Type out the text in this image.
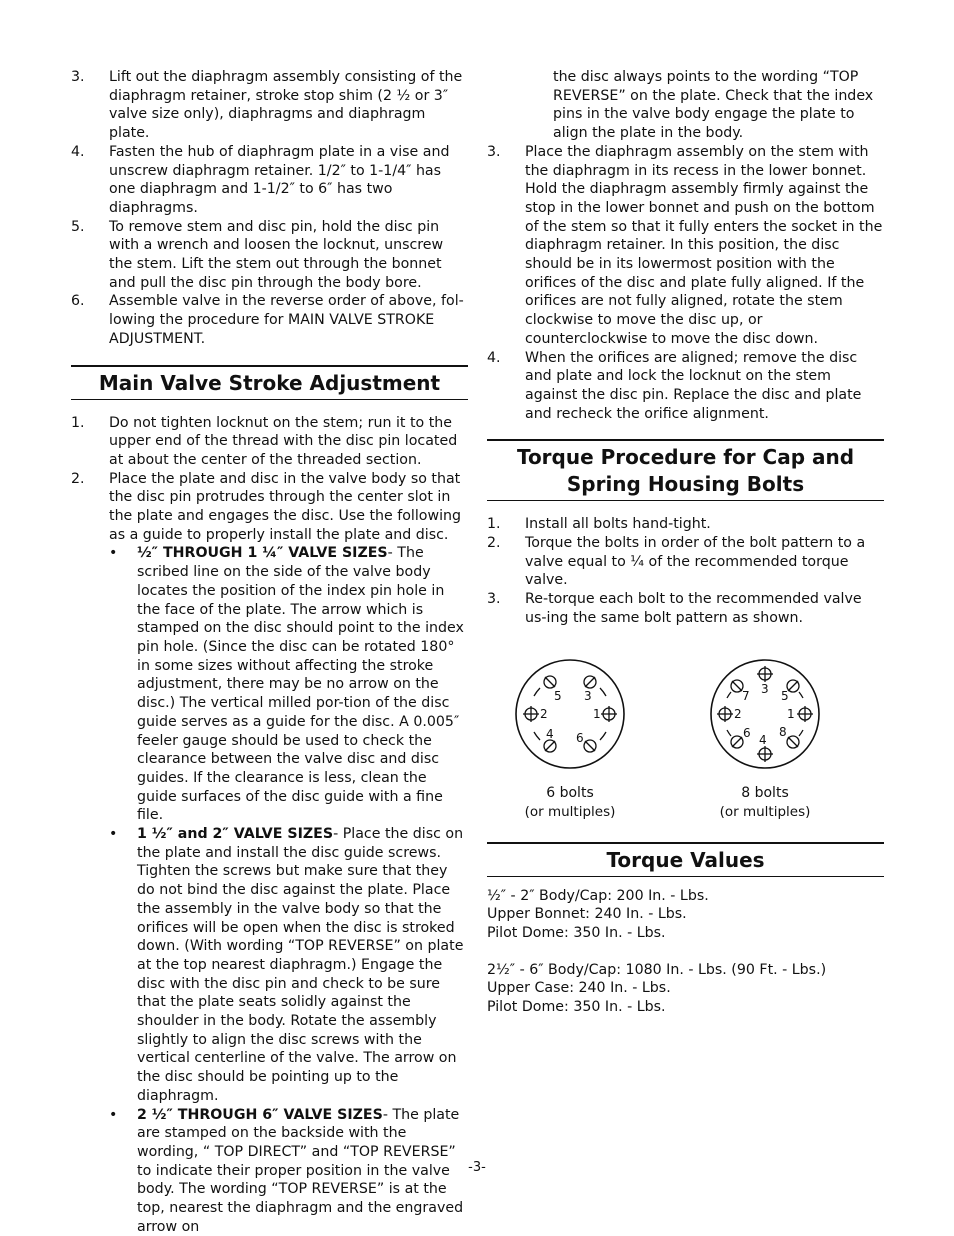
3. Lift out the diaphragm assembly consisting of the diaphragm retainer, stroke stop shim (2 ½ or 3″ valve size only), diaphragms and diaphragm plate.
4. Fasten the hub of diaphragm plate in a vise and unscrew diaphragm retainer. 1/2″ to 1-1/4″ has one diaphragm and 1-1/2″ to 6″ has two diaphragms.
5. To remove stem and disc pin, hold the disc pin with a wrench and loosen the locknut, unscrew the stem. Lift the stem out through the bonnet and pull the disc pin through the body bore.
6. Assemble valve in the reverse order of above, fol-lowing the procedure for MAIN VALVE STROKE ADJUSTMENT.
Main Valve Stroke Adjustment
1. Do not tighten locknut on the stem; run it to the upper end of the thread with the disc pin located at about the center of the threaded section.
2. Place the plate and disc in the valve body so that the disc pin protrudes through the center slot in the plate and engages the disc. Use the following as a guide to properly install the plate and disc.
• ½″ THROUGH 1 ¼″ VALVE SIZES- The scribed line on the side of the valve body locates the position of the index pin hole in the face of the plate. The arrow which is stamped on the disc should point to the index pin hole. (Since the disc can be rotated 180° in some sizes without affecting the stroke adjustment, there may be no arrow on the disc.) The vertical milled por-tion of the disc guide serves as a guide for the disc. A 0.005″ feeler gauge should be used to check the clearance between the valve disc and disc guides. If the clearance is less, clean the guide surfaces of the disc guide with a fine file.
• 1 ½″ and 2″ VALVE SIZES- Place the disc on the plate and install the disc guide screws. Tighten the screws but make sure that they do not bind the disc against the plate. Place the assembly in the valve body so that the orifices will be open when the disc is stroked down. (With wording “TOP REVERSE” on plate at the top nearest diaphragm.) Engage the disc with the disc pin and check to be sure that the plate seats solidly against the shoulder in the body. Rotate the assembly slightly to align the disc screws with the vertical centerline of the valve. The arrow on the disc should be pointing up to the diaphragm.
• 2 ½″ THROUGH 6″ VALVE SIZES- The plate are stamped on the backside with the wording, “ TOP DIRECT” and “TOP REVERSE” to indicate their proper position in the valve body. The wording “TOP REVERSE” is at the top, nearest the diaphragm and the engraved arrow on
the disc always points to the wording “TOP REVERSE” on the plate. Check that the index pins in the valve body engage the plate to align the plate in the body.
3. Place the diaphragm assembly on the stem with the diaphragm in its recess in the lower bonnet. Hold the diaphragm assembly firmly against the stop in the lower bonnet and push on the bottom of the stem so that it fully enters the socket in the diaphragm retainer. In this position, the disc should be in its lowermost position with the orifices of the disc and plate fully aligned. If the orifices are not fully aligned, rotate the stem clockwise to move the disc up, or counterclockwise to move the disc down.
4. When the orifices are aligned; remove the disc and plate and lock the locknut on the stem against the disc pin. Replace the disc and plate and recheck the orifice alignment.
Torque Procedure for Cap and Spring Housing Bolts
1. Install all bolts hand-tight.
2. Torque the bolts in order of the bolt pattern to a valve equal to ¼ of the recommended torque valve.
3. Re-torque each bolt to the recommended valve us-ing the same bolt pattern as shown.
1
2
3
4
5
6
6 bolts
(or multiples)
1
2
3
4
5
6
7
8
8 bolts
(or multiples)
Torque Values

½″ - 2″ Body/Cap: 200 In. - Lbs.

Upper Bonnet: 240 In. - Lbs.

Pilot Dome: 350 In. - Lbs.

2½″ - 6″ Body/Cap: 1080 In. - Lbs. (90 Ft. - Lbs.)

Upper Case: 240 In. - Lbs.

Pilot Dome: 350 In. - Lbs.

-3-
